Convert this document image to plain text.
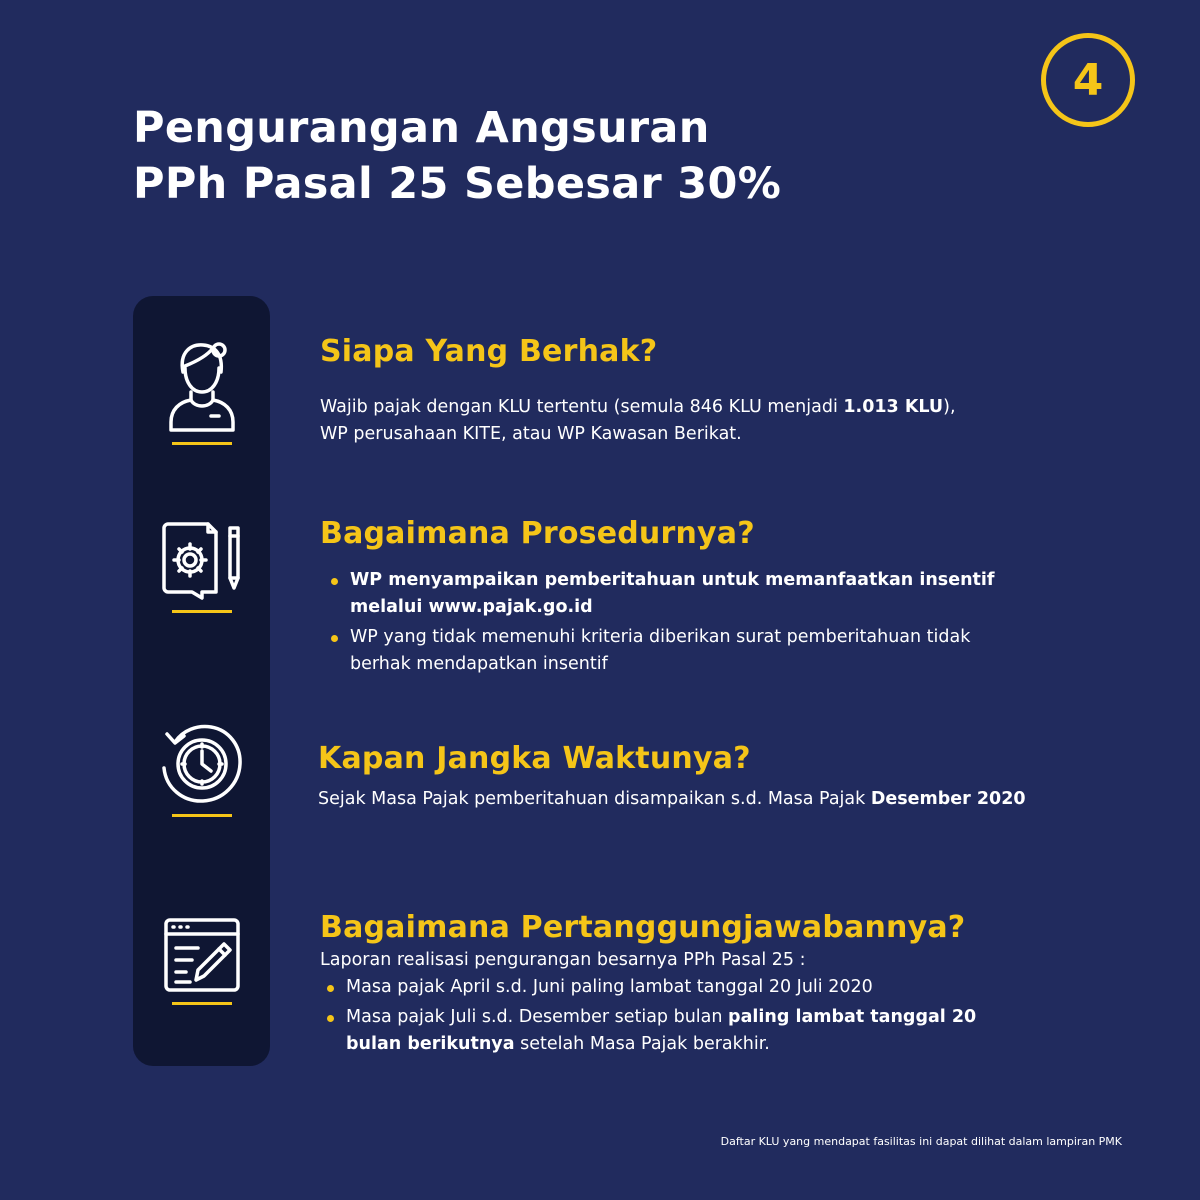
4
Pengurangan Angsuran
PPh Pasal 25 Sebesar 30%
Siapa Yang Berhak?
Wajib pajak dengan KLU tertentu (semula 846 KLU menjadi 1.013 KLU),
WP perusahaan KITE, atau WP Kawasan Berikat.
Bagaimana Prosedurnya?
WP menyampaikan pemberitahuan untuk memanfaatkan insentif
melalui www.pajak.go.id
WP yang tidak memenuhi kriteria diberikan surat pemberitahuan tidak
berhak mendapatkan insentif
Kapan Jangka Waktunya?
Sejak Masa Pajak pemberitahuan disampaikan s.d. Masa Pajak Desember 2020
Bagaimana Pertanggungjawabannya?
Laporan realisasi pengurangan besarnya PPh Pasal 25 :
Masa pajak April s.d. Juni paling lambat tanggal 20 Juli 2020
Masa pajak Juli s.d. Desember setiap bulan paling lambat tanggal 20
bulan berikutnya setelah Masa Pajak berakhir.
Daftar KLU yang mendapat fasilitas ini dapat dilihat dalam lampiran PMK
